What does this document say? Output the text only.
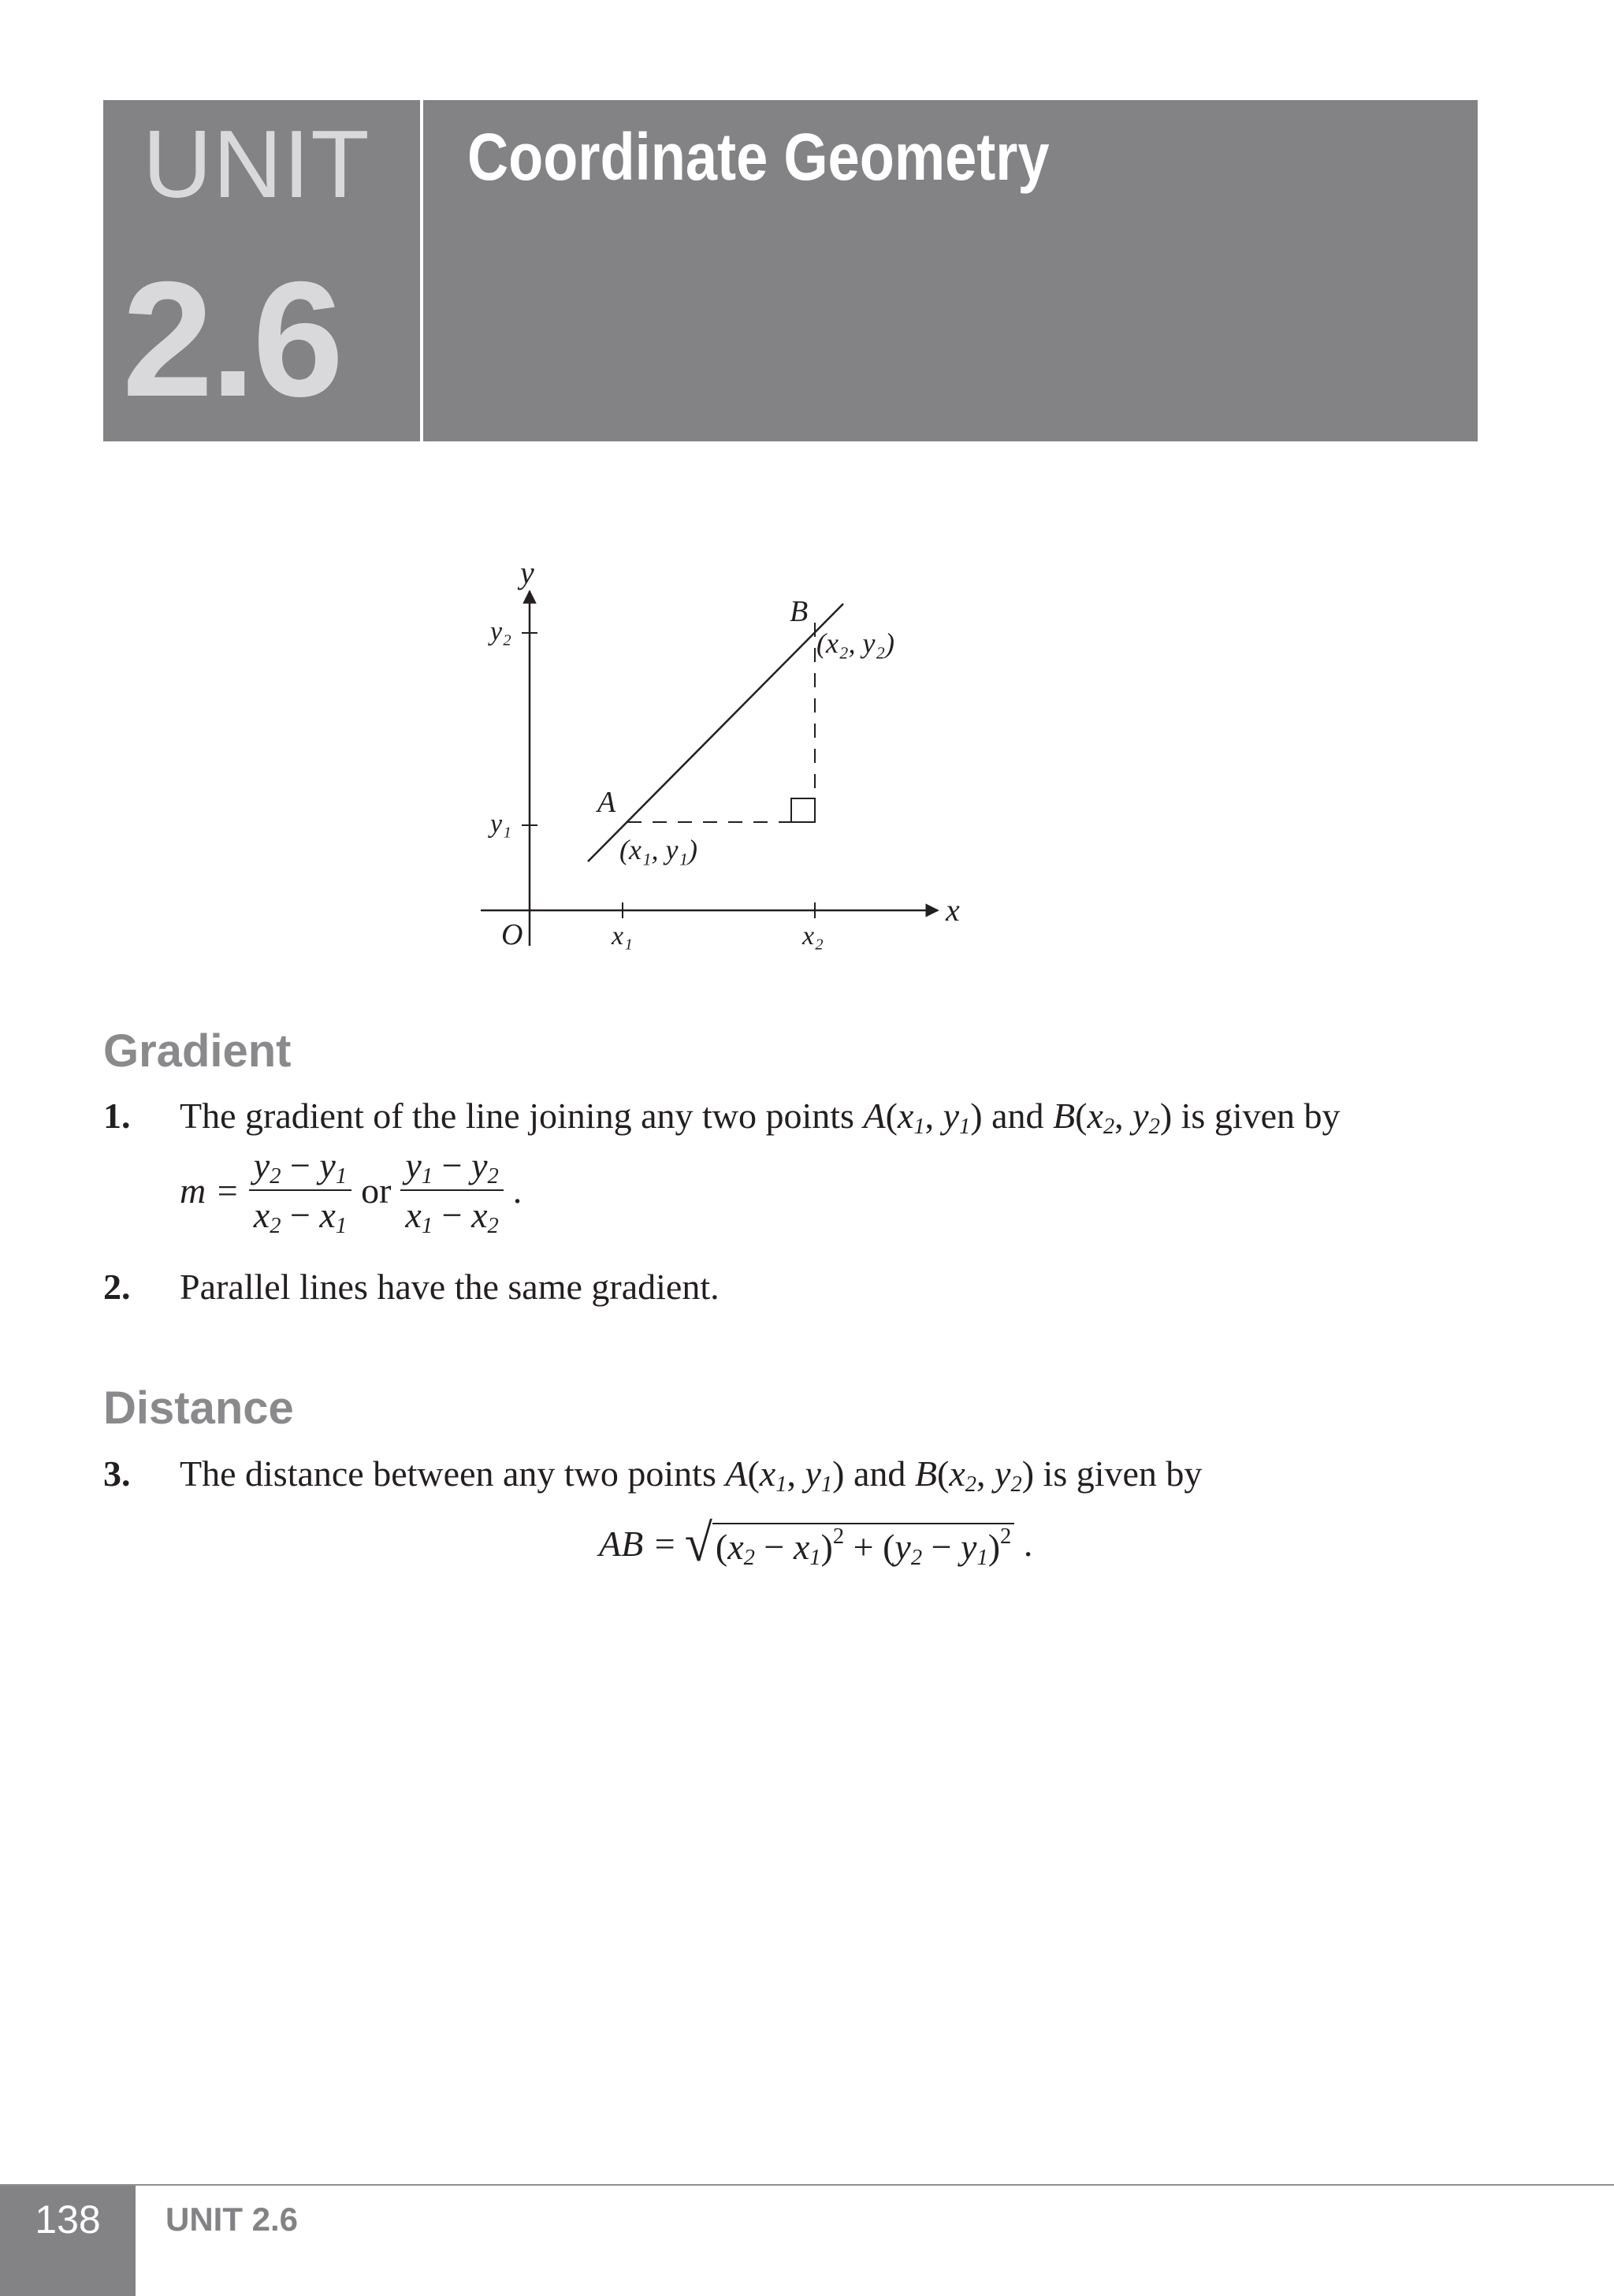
UNIT
2.6
Coordinate Geometry
y
x
O
y₂
y₁
x₁	x₂
A
B
(x₁, y₁)
(x₂, y₂)
Gradient
1. The gradient of the line joining any two points $A(x_1$, $y_1$) and $B(x_2$, $y_2$) is given by
$m = \frac{y_2 - y_1}{x_2 - x_1}$ or $\frac{y_1 - y_2}{x_1 - x_2}$ .
2. Parallel lines have the same gradient.
Distance
3. The distance between any two points $A(x_1$, $y_1$) and $B(x_2$, $y_2$) is given by
AB = √ $(x_2 - x_1)^2 + (y_2 - y_1)^2$ .
138	UNIT 2.6
